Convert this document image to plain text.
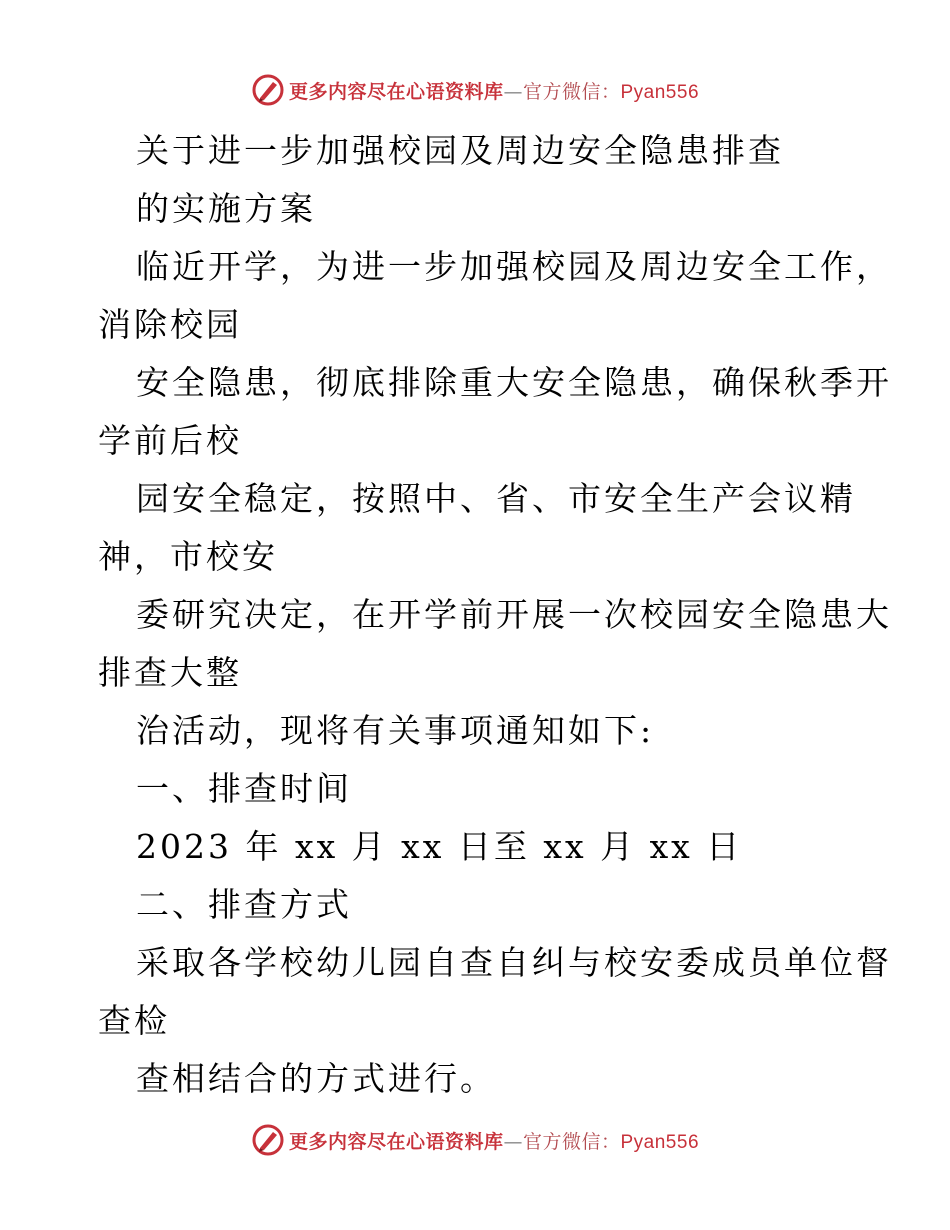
更多内容尽在心语资料库—官方微信：Pyan556
关于进一步加强校园及周边安全隐患排查
的实施方案
临近开学，为进一步加强校园及周边安全工作，
消除校园
安全隐患，彻底排除重大安全隐患，确保秋季开
学前后校
园安全稳定，按照中、省、市安全生产会议精
神，市校安
委研究决定，在开学前开展一次校园安全隐患大
排查大整
治活动，现将有关事项通知如下:
一、排查时间
2023 年 xx 月 xx 日至 xx 月 xx 日
二、排查方式
采取各学校幼儿园自查自纠与校安委成员单位督
查检
查相结合的方式进行。
更多内容尽在心语资料库—官方微信：Pyan556
